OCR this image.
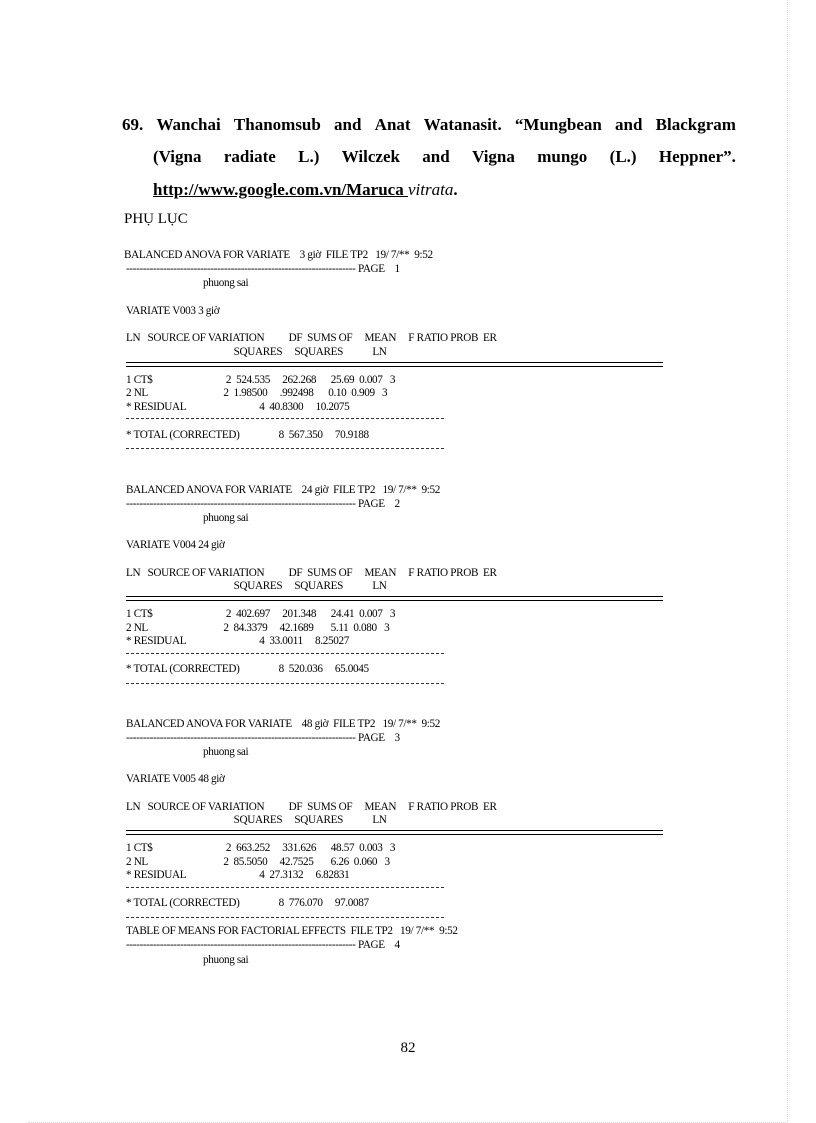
69. Wanchai Thanomsub and Anat Watanasit. “Mungbean and Blackgram
(Vigna radiate L.) Wilczek and Vigna mungo (L.) Heppner”.
http://www.google.com.vn/Maruca vitrata.
PHỤ LỤC
BALANCED ANOVA FOR VARIATE    3 giờ  FILE TP2   19/ 7/**  9:52
-------------------------------------------------------------------- PAGE    1
phuong sai
VARIATE V003 3 giờ
LN   SOURCE OF VARIATION          DF  SUMS OF     MEAN     F RATIO PROB  ER
SQUARES     SQUARES            LN
1 CT$                              2  524.535     262.268      25.69  0.007   3
2 NL                               2  1.98500     .992498      0.10  0.909   3
* RESIDUAL                              4  40.8300     10.2075
* TOTAL (CORRECTED)                8  567.350     70.9188
BALANCED ANOVA FOR VARIATE    24 giờ  FILE TP2   19/ 7/**  9:52
-------------------------------------------------------------------- PAGE    2
phuong sai
VARIATE V004 24 giờ
LN   SOURCE OF VARIATION          DF  SUMS OF     MEAN     F RATIO PROB  ER
SQUARES     SQUARES            LN
1 CT$                              2  402.697     201.348      24.41  0.007   3
2 NL                               2  84.3379     42.1689       5.11  0.080   3
* RESIDUAL                              4  33.0011     8.25027
* TOTAL (CORRECTED)                8  520.036     65.0045
BALANCED ANOVA FOR VARIATE    48 giờ  FILE TP2   19/ 7/**  9:52
-------------------------------------------------------------------- PAGE    3
phuong sai
VARIATE V005 48 giờ
LN   SOURCE OF VARIATION          DF  SUMS OF     MEAN     F RATIO PROB  ER
SQUARES     SQUARES            LN
1 CT$                              2  663.252     331.626      48.57  0.003   3
2 NL                               2  85.5050     42.7525       6.26  0.060   3
* RESIDUAL                              4  27.3132     6.82831
* TOTAL (CORRECTED)                8  776.070     97.0087
TABLE OF MEANS FOR FACTORIAL EFFECTS  FILE TP2   19/ 7/**  9:52
-------------------------------------------------------------------- PAGE    4
phuong sai
82
